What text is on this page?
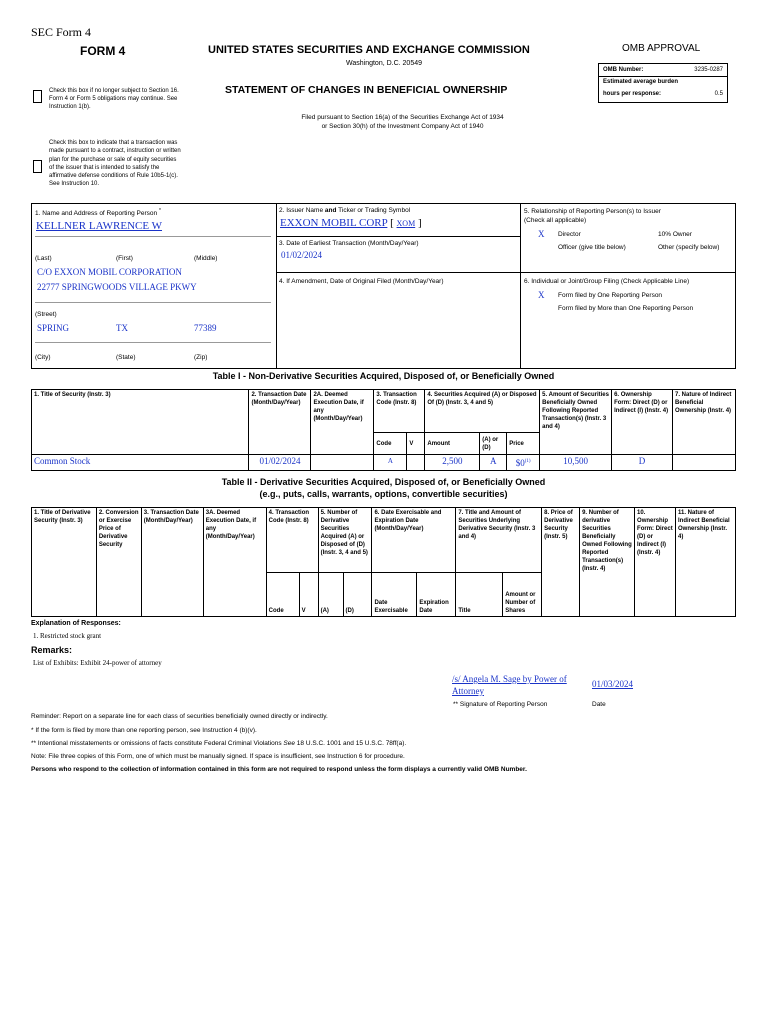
SEC Form 4
FORM 4	UNITED STATES SECURITIES AND EXCHANGE COMMISSION
Washington, D.C. 20549
STATEMENT OF CHANGES IN BENEFICIAL OWNERSHIP
Filed pursuant to Section 16(a) of the Securities Exchange Act of 1934
or Section 30(h) of the Investment Company Act of 1940
OMB APPROVAL
OMB Number:	3235-0287
Estimated average burden
hours per response:	0.5
Check this box if no longer subject to Section 16. Form 4 or Form 5 obligations may continue. See Instruction 1(b).
Check this box to indicate that a transaction was made pursuant to a contract, instruction or written plan for the purchase or sale of equity securities of the issuer that is intended to satisfy the affirmative defense conditions of Rule 10b5-1(c). See Instruction 10.
1. Name and Address of Reporting Person *
KELLNER LAWRENCE W
(Last)	(First)	(Middle)
C/O EXXON MOBIL CORPORATION
22777 SPRINGWOODS VILLAGE PKWY
(Street)
SPRING	TX	77389
(City)	(State)	(Zip)
2. Issuer Name and Ticker or Trading Symbol
EXXON MOBIL CORP [ XOM ]
3. Date of Earliest Transaction (Month/Day/Year)
01/02/2024
4. If Amendment, Date of Original Filed (Month/Day/Year)
5. Relationship of Reporting Person(s) to Issuer
(Check all applicable)
X Director	10% Owner
Officer (give title below)	Other (specify below)
6. Individual or Joint/Group Filing (Check Applicable Line)
X Form filed by One Reporting Person
Form filed by More than One Reporting Person
Table I - Non-Derivative Securities Acquired, Disposed of, or Beneficially Owned
1. Title of Security (Instr. 3)	2. Transaction Date (Month/Day/Year)	2A. Deemed Execution Date, if any (Month/Day/Year)	3. Transaction Code (Instr. 8)		4. Securities Acquired (A) or Disposed Of (D) (Instr. 3, 4 and 5)			5. Amount of Securities Beneficially Owned Following Reported Transaction(s) (Instr. 3 and 4)	6. Ownership Form: Direct (D) or Indirect (I) (Instr. 4)	7. Nature of Indirect Beneficial Ownership (Instr. 4)
			Code	V	Amount	(A) or (D)	Price			
Common Stock	01/02/2024		A		2,500	A	$0$^{(1)}$	10,500	D	
Table II - Derivative Securities Acquired, Disposed of, or Beneficially Owned
(e.g., puts, calls, warrants, options, convertible securities)
1. Title of Derivative Security (Instr. 3)	2. Conversion or Exercise Price of Derivative Security	3. Transaction Date (Month/Day/Year)	3A. Deemed Execution Date, if any (Month/Day/Year)	4. Transaction Code (Instr. 8)		5. Number of Derivative Securities Acquired (A) or Disposed of (D) (Instr. 3, 4 and 5)		6. Date Exercisable and Expiration Date (Month/Day/Year)		7. Title and Amount of Securities Underlying Derivative Security (Instr. 3 and 4)		8. Price of Derivative Security (Instr. 5)	9. Number of derivative Securities Beneficially Owned Following Reported Transaction(s) (Instr. 4)	10. Ownership Form: Direct (D) or Indirect (I) (Instr. 4)	11. Nature of Indirect Beneficial Ownership (Instr. 4)
				Code	V	(A)	(D)	Date Exercisable	Expiration Date	Title	Amount or Number of Shares				
Explanation of Responses:
1. Restricted stock grant
Remarks:
List of Exhibits: Exhibit 24-power of attorney
/s/ Angela M. Sage by Power of Attorney
01/03/2024
** Signature of Reporting Person	Date
Reminder: Report on a separate line for each class of securities beneficially owned directly or indirectly.
* If the form is filed by more than one reporting person, see Instruction 4 (b)(v).
** Intentional misstatements or omissions of facts constitute Federal Criminal Violations See 18 U.S.C. 1001 and 15 U.S.C. 78ff(a).
Note: File three copies of this Form, one of which must be manually signed. If space is insufficient, see Instruction 6 for procedure.
Persons who respond to the collection of information contained in this form are not required to respond unless the form displays a currently valid OMB Number.
